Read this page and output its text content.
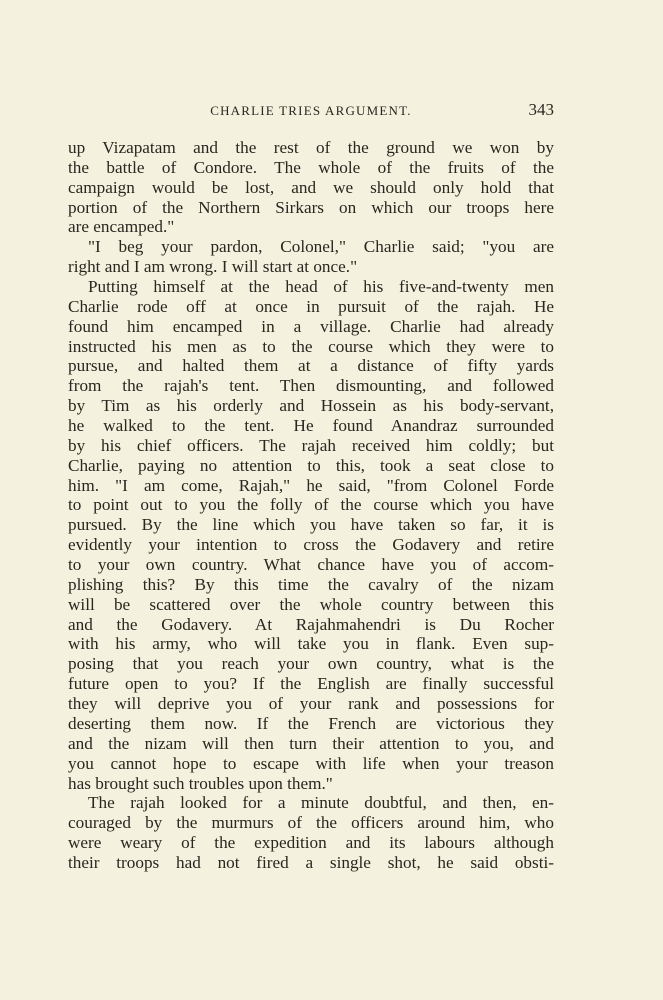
CHARLIE TRIES ARGUMENT.	343
up Vizapatam and the rest of the ground we won by
the battle of Condore. The whole of the fruits of the
campaign would be lost, and we should only hold that
portion of the Northern Sirkars on which our troops here
are encamped."
"I beg your pardon, Colonel," Charlie said; "you are
right and I am wrong. I will start at once."
Putting himself at the head of his five-and-twenty men
Charlie rode off at once in pursuit of the rajah. He
found him encamped in a village. Charlie had already
instructed his men as to the course which they were to
pursue, and halted them at a distance of fifty yards
from the rajah's tent. Then dismounting, and followed
by Tim as his orderly and Hossein as his body-servant,
he walked to the tent. He found Anandraz surrounded
by his chief officers. The rajah received him coldly; but
Charlie, paying no attention to this, took a seat close to
him. "I am come, Rajah," he said, "from Colonel Forde
to point out to you the folly of the course which you have
pursued. By the line which you have taken so far, it is
evidently your intention to cross the Godavery and retire
to your own country. What chance have you of accom-
plishing this? By this time the cavalry of the nizam
will be scattered over the whole country between this
and the Godavery. At Rajahmahendri is Du Rocher
with his army, who will take you in flank. Even sup-
posing that you reach your own country, what is the
future open to you? If the English are finally successful
they will deprive you of your rank and possessions for
deserting them now. If the French are victorious they
and the nizam will then turn their attention to you, and
you cannot hope to escape with life when your treason
has brought such troubles upon them."
The rajah looked for a minute doubtful, and then, en-
couraged by the murmurs of the officers around him, who
were weary of the expedition and its labours although
their troops had not fired a single shot, he said obsti-
